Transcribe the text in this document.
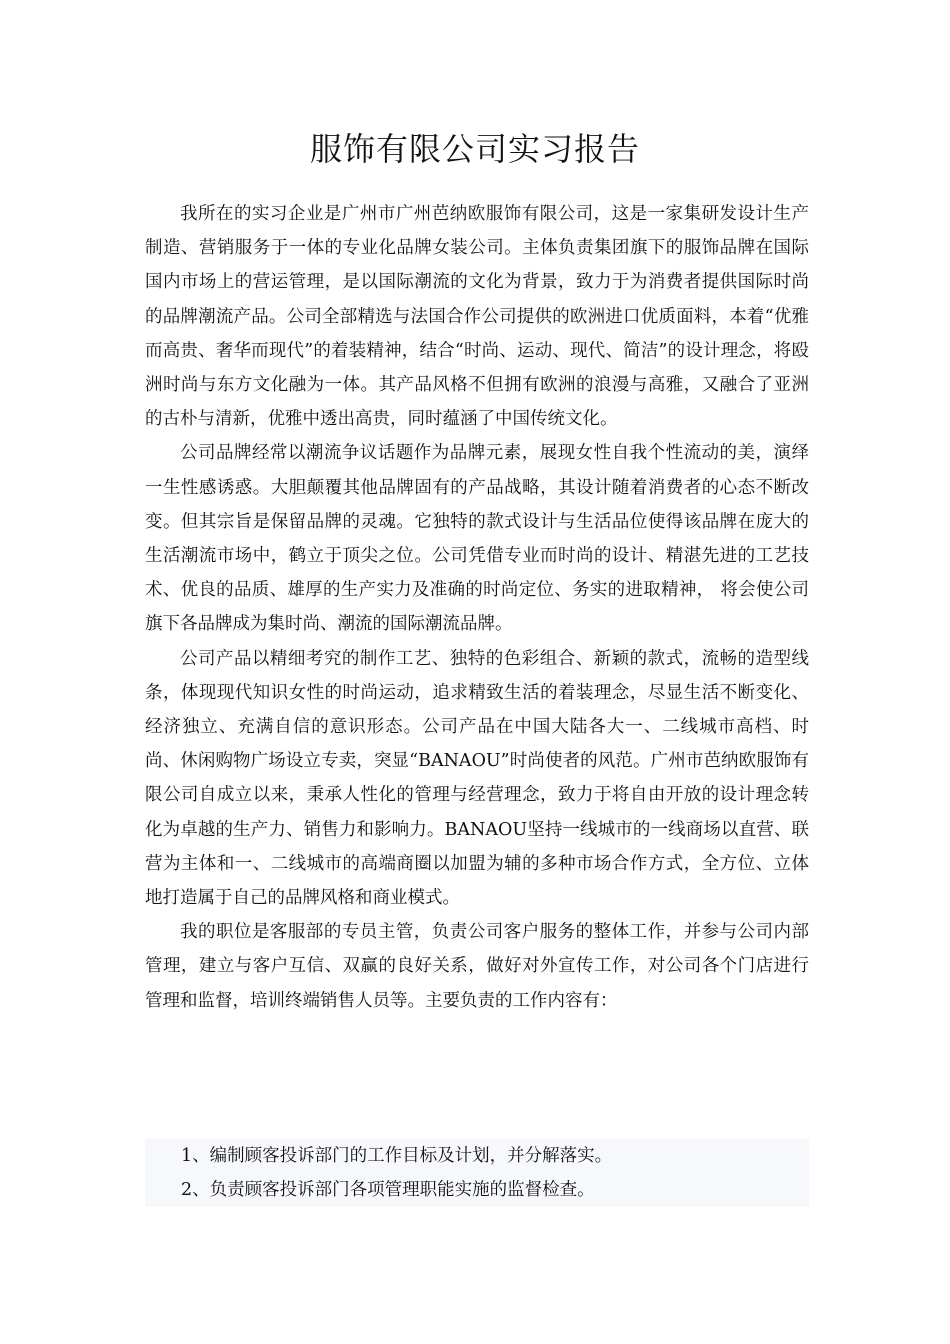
服饰有限公司实习报告

我所在的实习企业是广州市广州芭纳欧服饰有限公司，这是一家集研发设计生产制造、营销服务于一体的专业化品牌女装公司。主体负责集团旗下的服饰品牌在国际国内市场上的营运管理，是以国际潮流的文化为背景，致力于为消费者提供国际时尚的品牌潮流产品。公司全部精选与法国合作公司提供的欧洲进口优质面料，本着“优雅而高贵、奢华而现代”的着装精神，结合“时尚、运动、现代、简洁”的设计理念，将殴洲时尚与东方文化融为一体。其产品风格不但拥有欧洲的浪漫与高雅，又融合了亚洲的古朴与清新，优雅中透出高贵，同时蕴涵了中国传统文化。

公司品牌经常以潮流争议话题作为品牌元素，展现女性自我个性流动的美，演绎一生性感诱惑。大胆颠覆其他品牌固有的产品战略，其设计随着消费者的心态不断改变。但其宗旨是保留品牌的灵魂。它独特的款式设计与生活品位使得该品牌在庞大的生活潮流市场中，鹤立于顶尖之位。公司凭借专业而时尚的设计、精湛先进的工艺技术、优良的品质、雄厚的生产实力及准确的时尚定位、务实的进取精神， 将会使公司旗下各品牌成为集时尚、潮流的国际潮流品牌。

公司产品以精细考究的制作工艺、独特的色彩组合、新颖的款式，流畅的造型线条，体现现代知识女性的时尚运动，追求精致生活的着装理念，尽显生活不断变化、经济独立、充满自信的意识形态。公司产品在中国大陆各大一、二线城市高档、时尚、休闲购物广场设立专卖，突显“BANAOU”时尚使者的风范。广州市芭纳欧服饰有限公司自成立以来，秉承人性化的管理与经营理念，致力于将自由开放的设计理念转化为卓越的生产力、销售力和影响力。BANAOU坚持一线城市的一线商场以直营、联营为主体和一、二线城市的高端商圈以加盟为辅的多种市场合作方式，全方位、立体地打造属于自己的品牌风格和商业模式。

我的职位是客服部的专员主管，负责公司客户服务的整体工作，并参与公司内部管理，建立与客户互信、双赢的良好关系，做好对外宣传工作，对公司各个门店进行管理和监督，培训终端销售人员等。主要负责的工作内容有：

1、编制顾客投诉部门的工作目标及计划，并分解落实。

2、负责顾客投诉部门各项管理职能实施的监督检查。
